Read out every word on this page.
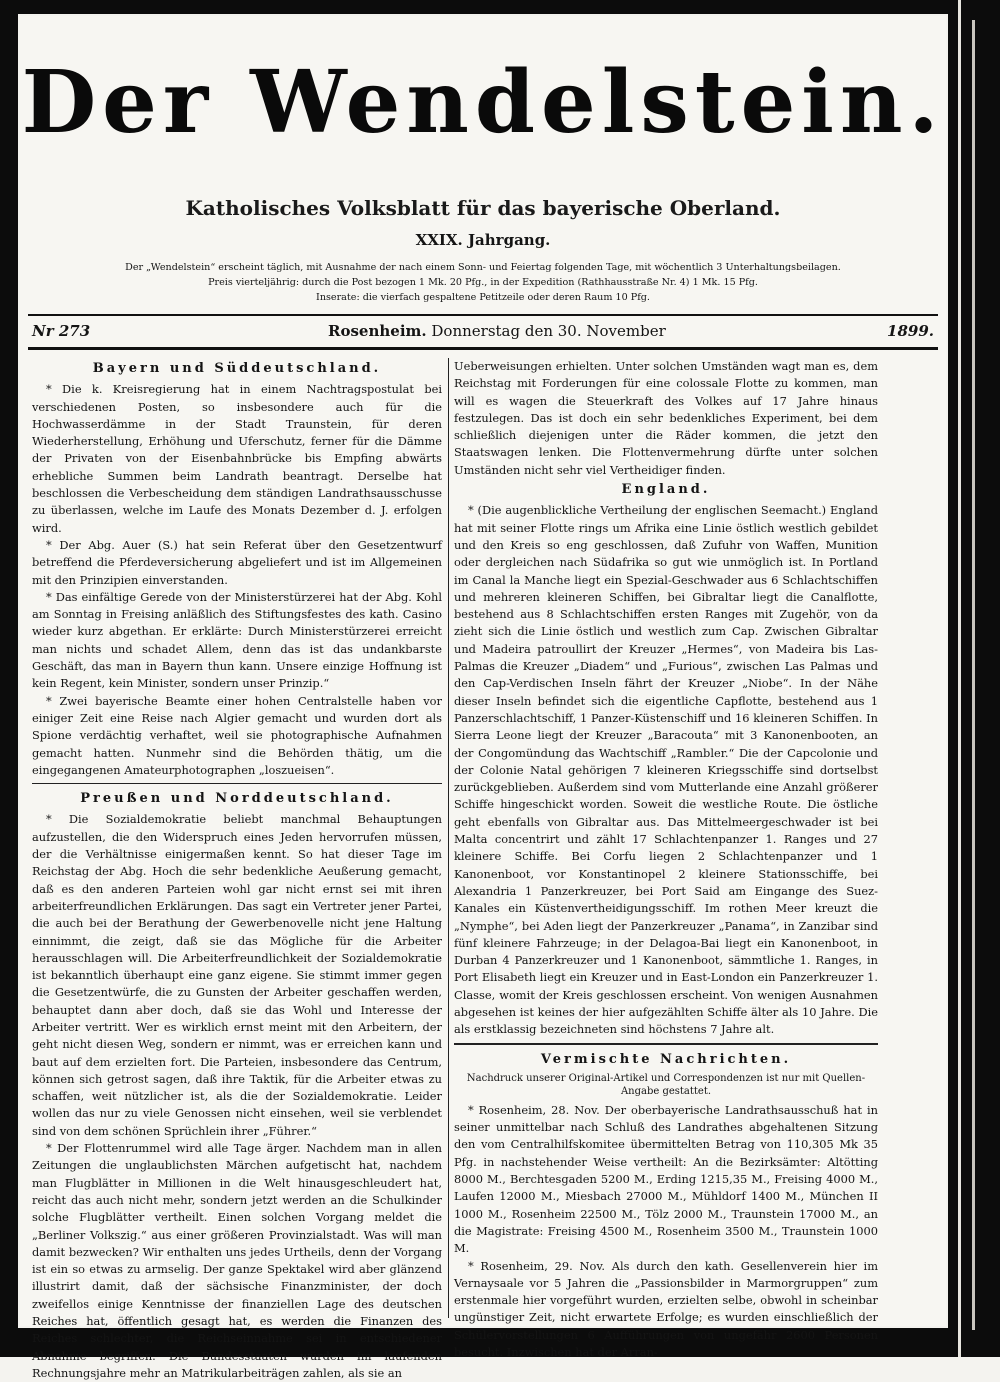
Der Wendelstein.
Katholisches Volksblatt für das bayerische Oberland.
XXIX. Jahrgang.
Der „Wendelstein“ erscheint täglich, mit Ausnahme der nach einem Sonn- und Feiertag folgenden Tage, mit wöchentlich 3 Unterhaltungsbeilagen.
Preis vierteljährig: durch die Post bezogen 1 Mk. 20 Pfg., in der Expedition (Rathhausstraße Nr. 4) 1 Mk. 15 Pfg.
Inserate: die vierfach gespaltene Petitzeile oder deren Raum 10 Pfg.
Nr 273	Rosenheim. Donnerstag den 30. November	1899.
Bayern und Süddeutschland.

* Die k. Kreisregierung hat in einem Nachtragspostulat bei verschiedenen Posten, so insbesondere auch für die Hochwasserdämme in der Stadt Traunstein, für deren Wiederherstellung, Erhöhung und Uferschutz, ferner für die Dämme der Privaten von der Eisenbahnbrücke bis Empfing abwärts erhebliche Summen beim Landrath beantragt. Derselbe hat beschlossen die Verbescheidung dem ständigen Landrathsausschusse zu überlassen, welche im Laufe des Monats Dezember d. J. erfolgen wird.

* Der Abg. Auer (S.) hat sein Referat über den Gesetzentwurf betreffend die Pferdeversicherung abgeliefert und ist im Allgemeinen mit den Prinzipien einverstanden.

* Das einfältige Gerede von der Ministerstürzerei hat der Abg. Kohl am Sonntag in Freising anläßlich des Stiftungsfestes des kath. Casino wieder kurz abgethan. Er erklärte: Durch Ministerstürzerei erreicht man nichts und schadet Allem, denn das ist das undankbarste Geschäft, das man in Bayern thun kann. Unsere einzige Hoffnung ist kein Regent, kein Minister, sondern unser Prinzip.“

* Zwei bayerische Beamte einer hohen Centralstelle haben vor einiger Zeit eine Reise nach Algier gemacht und wurden dort als Spione verdächtig verhaftet, weil sie photographische Aufnahmen gemacht hatten. Nunmehr sind die Behörden thätig, um die eingegangenen Amateurphotographen „loszueisen“.

Preußen und Norddeutschland.

* Die Sozialdemokratie beliebt manchmal Behauptungen aufzustellen, die den Widerspruch eines Jeden hervorrufen müssen, der die Verhältnisse einigermaßen kennt. So hat dieser Tage im Reichstag der Abg. Hoch die sehr bedenkliche Aeußerung gemacht, daß es den anderen Parteien wohl gar nicht ernst sei mit ihren arbeiterfreundlichen Erklärungen. Das sagt ein Vertreter jener Partei, die auch bei der Berathung der Gewerbenovelle nicht jene Haltung einnimmt, die zeigt, daß sie das Mögliche für die Arbeiter herausschlagen will. Die Arbeiterfreundlichkeit der Sozialdemokratie ist bekanntlich überhaupt eine ganz eigene. Sie stimmt immer gegen die Gesetzentwürfe, die zu Gunsten der Arbeiter geschaffen werden, behauptet dann aber doch, daß sie das Wohl und Interesse der Arbeiter vertritt. Wer es wirklich ernst meint mit den Arbeitern, der geht nicht diesen Weg, sondern er nimmt, was er erreichen kann und baut auf dem erzielten fort. Die Parteien, insbesondere das Centrum, können sich getrost sagen, daß ihre Taktik, für die Arbeiter etwas zu schaffen, weit nützlicher ist, als die der Sozialdemokratie. Leider wollen das nur zu viele Genossen nicht einsehen, weil sie verblendet sind von dem schönen Sprüchlein ihrer „Führer.“

* Der Flottenrummel wird alle Tage ärger. Nachdem man in allen Zeitungen die unglaublichsten Märchen aufgetischt hat, nachdem man Flugblätter in Millionen in die Welt hinausgeschleudert hat, reicht das auch nicht mehr, sondern jetzt werden an die Schulkinder solche Flugblätter vertheilt. Einen solchen Vorgang meldet die „Berliner Volkszig.“ aus einer größeren Provinzialstadt. Was will man damit bezwecken? Wir enthalten uns jedes Urtheils, denn der Vorgang ist ein so etwas zu armselig. Der ganze Spektakel wird aber glänzend illustrirt damit, daß der sächsische Finanzminister, der doch zweifellos einige Kenntnisse der finanziellen Lage des deutschen Reiches hat, öffentlich gesagt hat, es werden die Finanzen des Reiches schlechter, die Reichseinnahme sei in entschiedener Abnahme begriffen. Die Bundesstaaten würden im laufenden Rechnungsjahre mehr an Matrikularbeiträgen zahlen, als sie an

Ueberweisungen erhielten. Unter solchen Umständen wagt man es, dem Reichstag mit Forderungen für eine colossale Flotte zu kommen, man will es wagen die Steuerkraft des Volkes auf 17 Jahre hinaus festzulegen. Das ist doch ein sehr bedenkliches Experiment, bei dem schließlich diejenigen unter die Räder kommen, die jetzt den Staatswagen lenken. Die Flottenvermehrung dürfte unter solchen Umständen nicht sehr viel Vertheidiger finden.

England.

* (Die augenblickliche Vertheilung der englischen Seemacht.) England hat mit seiner Flotte rings um Afrika eine Linie östlich westlich gebildet und den Kreis so eng geschlossen, daß Zufuhr von Waffen, Munition oder dergleichen nach Südafrika so gut wie unmöglich ist. In Portland im Canal la Manche liegt ein Spezial-Geschwader aus 6 Schlachtschiffen und mehreren kleineren Schiffen, bei Gibraltar liegt die Canalflotte, bestehend aus 8 Schlachtschiffen ersten Ranges mit Zugehör, von da zieht sich die Linie östlich und westlich zum Cap. Zwischen Gibraltar und Madeira patroullirt der Kreuzer „Hermes“, von Madeira bis Las-Palmas die Kreuzer „Diadem“ und „Furious“, zwischen Las Palmas und den Cap-Verdischen Inseln fährt der Kreuzer „Niobe“. In der Nähe dieser Inseln befindet sich die eigentliche Capflotte, bestehend aus 1 Panzerschlachtschiff, 1 Panzer-Küstenschiff und 16 kleineren Schiffen. In Sierra Leone liegt der Kreuzer „Baracouta“ mit 3 Kanonenbooten, an der Congomündung das Wachtschiff „Rambler.“ Die der Capcolonie und der Colonie Natal gehörigen 7 kleineren Kriegsschiffe sind dortselbst zurückgeblieben. Außerdem sind vom Mutterlande eine Anzahl größerer Schiffe hingeschickt worden. Soweit die westliche Route. Die östliche geht ebenfalls von Gibraltar aus. Das Mittelmeergeschwader ist bei Malta concentrirt und zählt 17 Schlachtenpanzer 1. Ranges und 27 kleinere Schiffe. Bei Corfu liegen 2 Schlachtenpanzer und 1 Kanonenboot, vor Konstantinopel 2 kleinere Stationsschiffe, bei Alexandria 1 Panzerkreuzer, bei Port Said am Eingange des Suez-Kanales ein Küstenvertheidigungsschiff. Im rothen Meer kreuzt die „Nymphe“, bei Aden liegt der Panzerkreuzer „Panama“, in Zanzibar sind fünf kleinere Fahrzeuge; in der Delagoa-Bai liegt ein Kanonenboot, in Durban 4 Panzerkreuzer und 1 Kanonenboot, sämmtliche 1. Ranges, in Port Elisabeth liegt ein Kreuzer und in East-London ein Panzerkreuzer 1. Classe, womit der Kreis geschlossen erscheint. Von wenigen Ausnahmen abgesehen ist keines der hier aufgezählten Schiffe älter als 10 Jahre. Die als erstklassig bezeichneten sind höchstens 7 Jahre alt.

Vermischte Nachrichten.
Nachdruck unserer Original-Artikel und Correspondenzen ist nur mit Quellen-Angabe gestattet.

* Rosenheim, 28. Nov. Der oberbayerische Landrathsausschuß hat in seiner unmittelbar nach Schluß des Landrathes abgehaltenen Sitzung den vom Centralhilfskomitee übermittelten Betrag von 110,305 Mk 35 Pfg. in nachstehender Weise vertheilt: An die Bezirksämter: Altötting 8000 M., Berchtesgaden 5200 M., Erding 1215,35 M., Freising 4000 M., Laufen 12000 M., Miesbach 27000 M., Mühldorf 1400 M., München II 1000 M., Rosenheim 22500 M., Tölz 2000 M., Traunstein 17000 M., an die Magistrate: Freising 4500 M., Rosenheim 3500 M., Traunstein 1000 M.

* Rosenheim, 29. Nov. Als durch den kath. Gesellenverein hier im Vernaysaale vor 5 Jahren die „Passionsbilder in Marmorgruppen“ zum erstenmale hier vorgeführt wurden, erzielten selbe, obwohl in scheinbar ungünstiger Zeit, nicht erwartete Erfolge; es wurden einschließlich der Schülervorstellungen 6 Aufführungen von ungefähr 2600 Personen besucht. Inzwischen hat der Arran-
